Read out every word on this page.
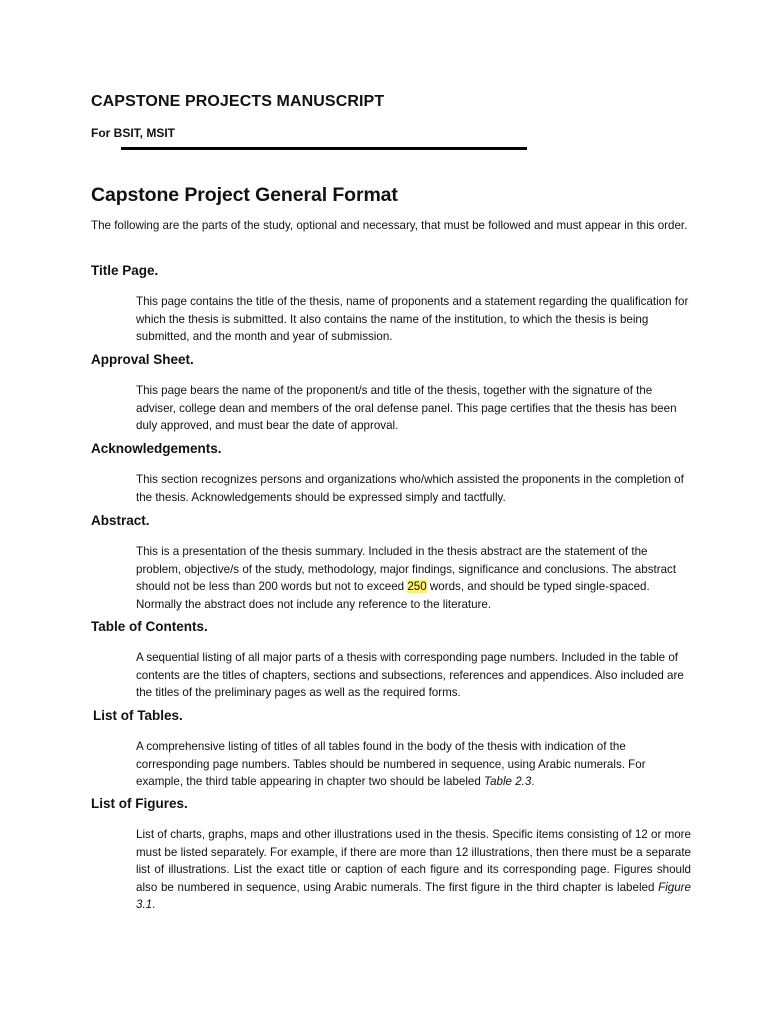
CAPSTONE PROJECTS MANUSCRIPT
For BSIT, MSIT
Capstone Project General Format

The following are the parts of the study, optional and necessary, that must be followed and must appear in this order.

Title Page.

This page contains the title of the thesis, name of proponents and a statement regarding the qualification for which the thesis is submitted. It also contains the name of the institution, to which the thesis is being submitted, and the month and year of submission.

Approval Sheet.

This page bears the name of the proponent/s and title of the thesis, together with the signature of the adviser, college dean and members of the oral defense panel. This page certifies that the thesis has been duly approved, and must bear the date of approval.

Acknowledgements.

This section recognizes persons and organizations who/which assisted the proponents in the completion of the thesis. Acknowledgements should be expressed simply and tactfully.

Abstract.

This is a presentation of the thesis summary. Included in the thesis abstract are the statement of the problem, objective/s of the study, methodology, major findings, significance and conclusions. The abstract should not be less than 200 words but not to exceed 250 words, and should be typed single-spaced. Normally the abstract does not include any reference to the literature.

Table of Contents.

A sequential listing of all major parts of a thesis with corresponding page numbers. Included in the table of contents are the titles of chapters, sections and subsections, references and appendices. Also included are the titles of the preliminary pages as well as the required forms.

List of Tables.

A comprehensive listing of titles of all tables found in the body of the thesis with indication of the corresponding page numbers. Tables should be numbered in sequence, using Arabic numerals. For example, the third table appearing in chapter two should be labeled Table 2.3.

List of Figures.

List of charts, graphs, maps and other illustrations used in the thesis. Specific items consisting of 12 or more must be listed separately. For example, if there are more than 12 illustrations, then there must be a separate list of illustrations. List the exact title or caption of each figure and its corresponding page. Figures should also be numbered in sequence, using Arabic numerals. The first figure in the third chapter is labeled Figure 3.1.
